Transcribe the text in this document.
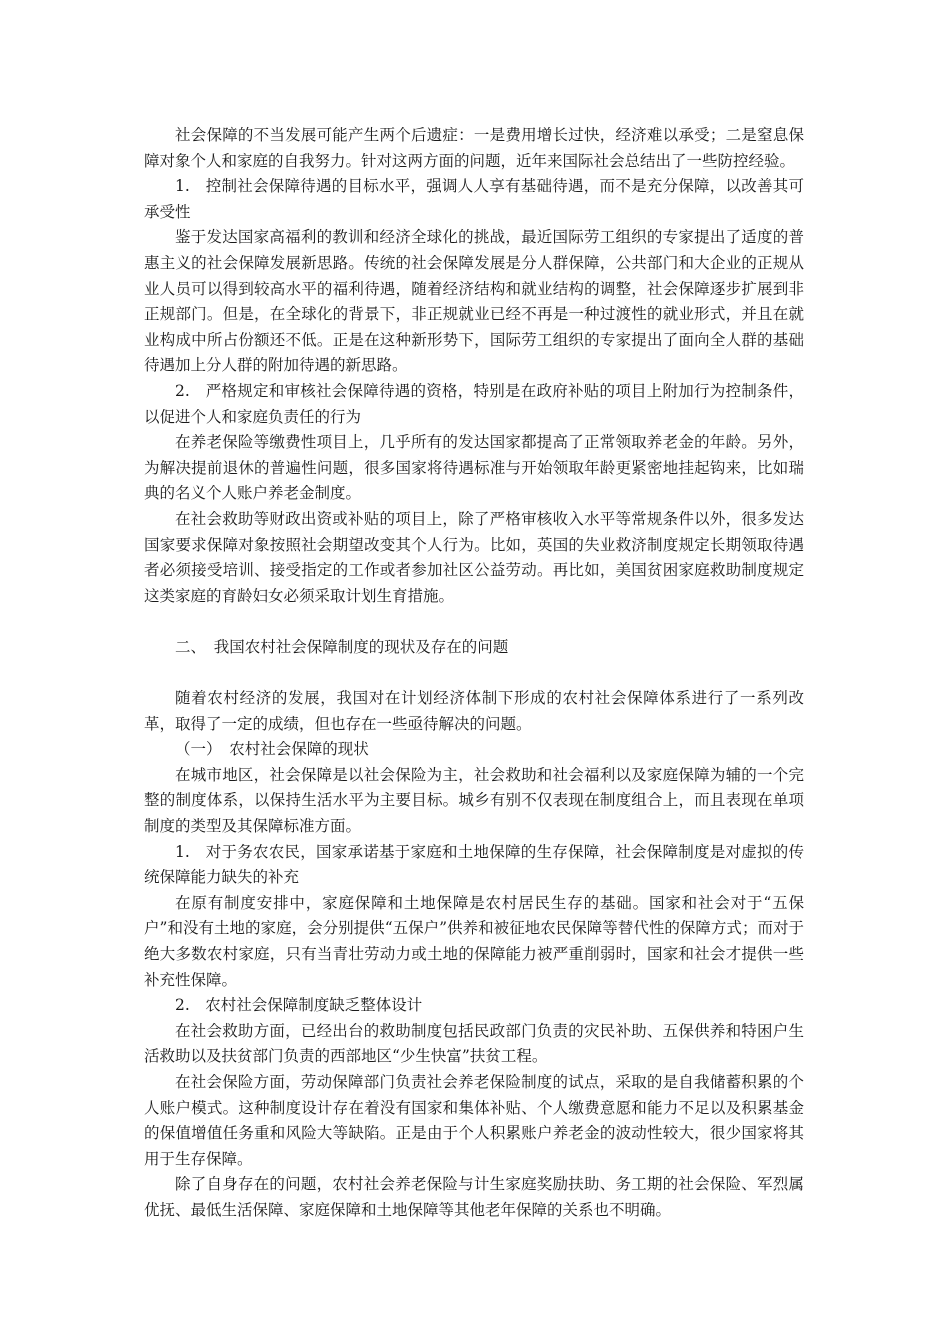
社会保障的不当发展可能产生两个后遗症：一是费用增长过快，经济难以承受；二是窒息保障对象个人和家庭的自我努力。针对这两方面的问题，近年来国际社会总结出了一些防控经验。

1.　控制社会保障待遇的目标水平，强调人人享有基础待遇，而不是充分保障，以改善其可承受性

鉴于发达国家高福利的教训和经济全球化的挑战，最近国际劳工组织的专家提出了适度的普惠主义的社会保障发展新思路。传统的社会保障发展是分人群保障，公共部门和大企业的正规从业人员可以得到较高水平的福利待遇，随着经济结构和就业结构的调整，社会保障逐步扩展到非正规部门。但是，在全球化的背景下，非正规就业已经不再是一种过渡性的就业形式，并且在就业构成中所占份额还不低。正是在这种新形势下，国际劳工组织的专家提出了面向全人群的基础待遇加上分人群的附加待遇的新思路。

2.　严格规定和审核社会保障待遇的资格，特别是在政府补贴的项目上附加行为控制条件，以促进个人和家庭负责任的行为

在养老保险等缴费性项目上，几乎所有的发达国家都提高了正常领取养老金的年龄。另外，为解决提前退休的普遍性问题，很多国家将待遇标准与开始领取年龄更紧密地挂起钩来，比如瑞典的名义个人账户养老金制度。

在社会救助等财政出资或补贴的项目上，除了严格审核收入水平等常规条件以外，很多发达国家要求保障对象按照社会期望改变其个人行为。比如，英国的失业救济制度规定长期领取待遇者必须接受培训、接受指定的工作或者参加社区公益劳动。再比如，美国贫困家庭救助制度规定这类家庭的育龄妇女必须采取计划生育措施。

二、　我国农村社会保障制度的现状及存在的问题

随着农村经济的发展，我国对在计划经济体制下形成的农村社会保障体系进行了一系列改革，取得了一定的成绩，但也存在一些亟待解决的问题。

（一）　农村社会保障的现状

在城市地区，社会保障是以社会保险为主，社会救助和社会福利以及家庭保障为辅的一个完整的制度体系，以保持生活水平为主要目标。城乡有别不仅表现在制度组合上，而且表现在单项制度的类型及其保障标准方面。

1.　对于务农农民，国家承诺基于家庭和土地保障的生存保障，社会保障制度是对虚拟的传统保障能力缺失的补充

在原有制度安排中，家庭保障和土地保障是农村居民生存的基础。国家和社会对于“五保户”和没有土地的家庭，会分别提供“五保户”供养和被征地农民保障等替代性的保障方式；而对于绝大多数农村家庭，只有当青壮劳动力或土地的保障能力被严重削弱时，国家和社会才提供一些补充性保障。

2.　农村社会保障制度缺乏整体设计

在社会救助方面，已经出台的救助制度包括民政部门负责的灾民补助、五保供养和特困户生活救助以及扶贫部门负责的西部地区“少生快富”扶贫工程。

在社会保险方面，劳动保障部门负责社会养老保险制度的试点，采取的是自我储蓄积累的个人账户模式。这种制度设计存在着没有国家和集体补贴、个人缴费意愿和能力不足以及积累基金的保值增值任务重和风险大等缺陷。正是由于个人积累账户养老金的波动性较大，很少国家将其用于生存保障。

除了自身存在的问题，农村社会养老保险与计生家庭奖励扶助、务工期的社会保险、军烈属优抚、最低生活保障、家庭保障和土地保障等其他老年保障的关系也不明确。
